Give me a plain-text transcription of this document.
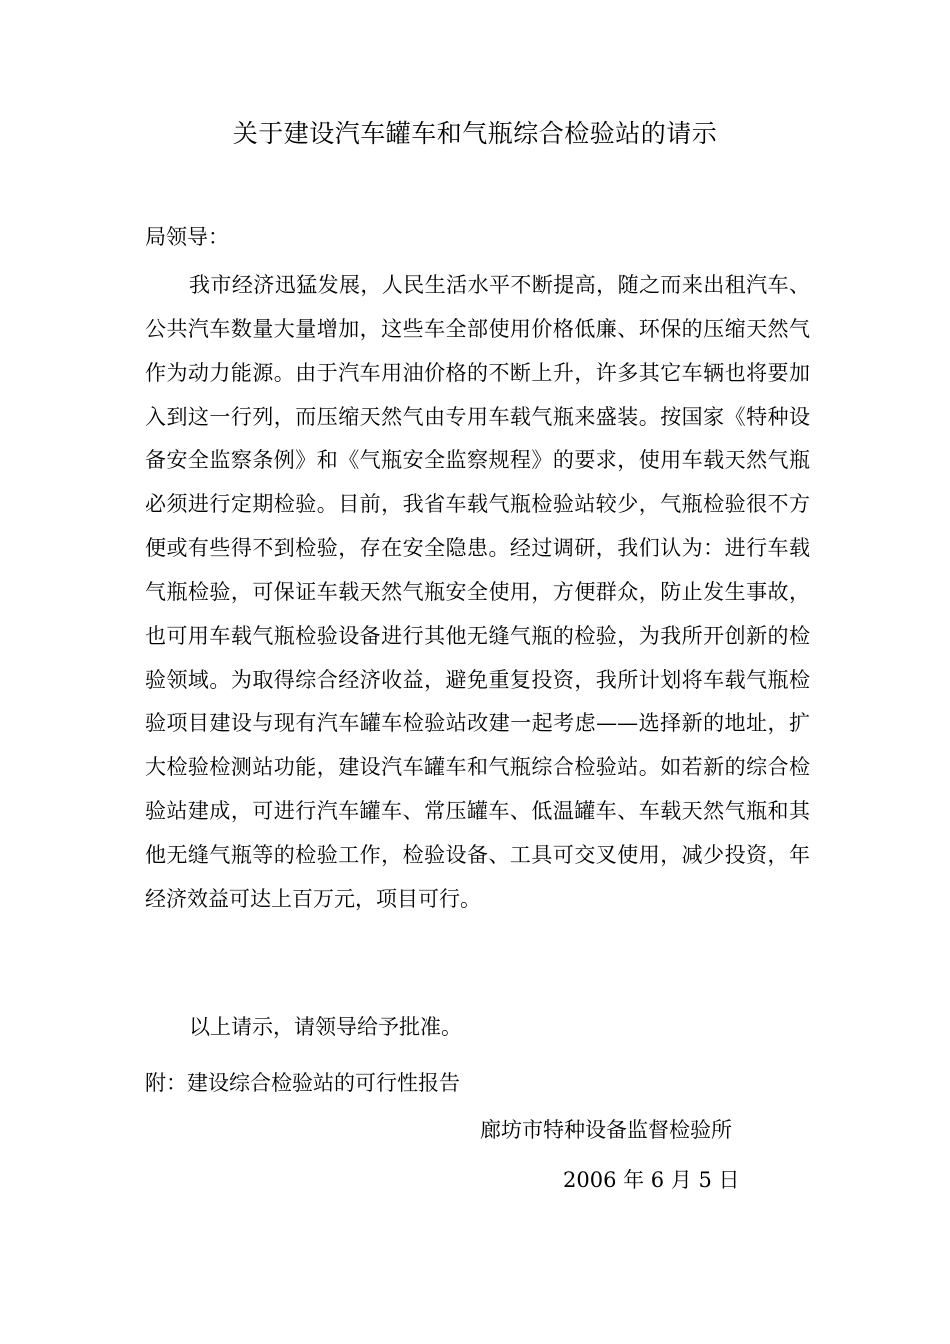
关于建设汽车罐车和气瓶综合检验站的请示
局领导：

我市经济迅猛发展，人民生活水平不断提高，随之而来出租汽车、公共汽车数量大量增加，这些车全部使用价格低廉、环保的压缩天然气作为动力能源。由于汽车用油价格的不断上升，许多其它车辆也将要加入到这一行列，而压缩天然气由专用车载气瓶来盛装。按国家《特种设备安全监察条例》和《气瓶安全监察规程》的要求，使用车载天然气瓶必须进行定期检验。目前，我省车载气瓶检验站较少，气瓶检验很不方便或有些得不到检验，存在安全隐患。经过调研，我们认为：进行车载气瓶检验，可保证车载天然气瓶安全使用，方便群众，防止发生事故，也可用车载气瓶检验设备进行其他无缝气瓶的检验，为我所开创新的检验领域。为取得综合经济收益，避免重复投资，我所计划将车载气瓶检验项目建设与现有汽车罐车检验站改建一起考虑——选择新的地址，扩大检验检测站功能，建设汽车罐车和气瓶综合检验站。如若新的综合检验站建成，可进行汽车罐车、常压罐车、低温罐车、车载天然气瓶和其他无缝气瓶等的检验工作，检验设备、工具可交叉使用，减少投资，年经济效益可达上百万元，项目可行。

以上请示，请领导给予批准。

附：建设综合检验站的可行性报告

廊坊市特种设备监督检验所

2006 年 6 月 5 日
